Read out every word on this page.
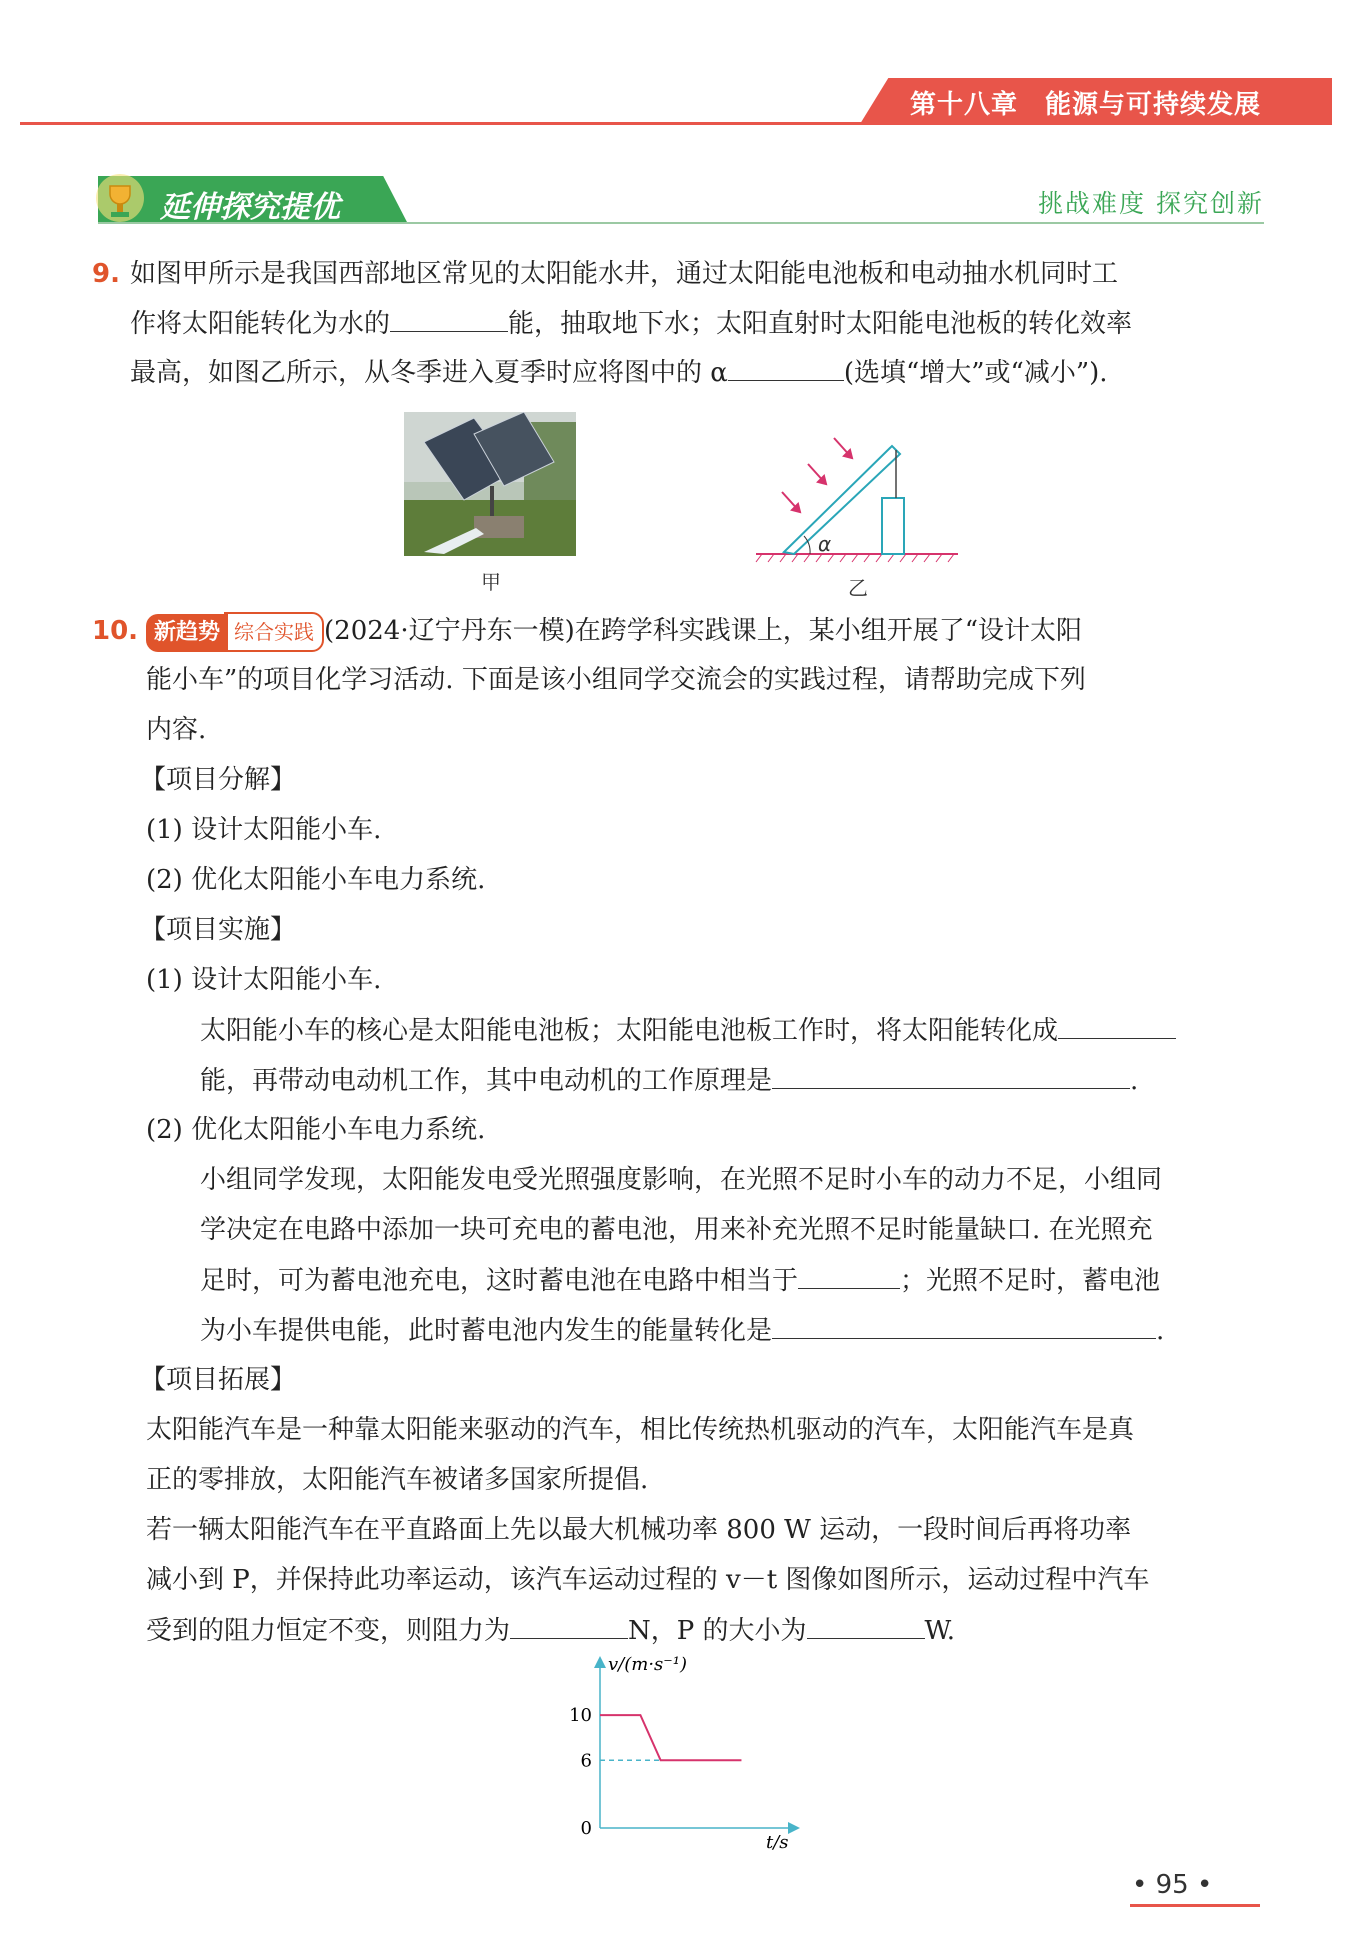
第十八章　能源与可持续发展
延伸探究提优	挑战难度 探究创新
9. 如图甲所示是我国西部地区常见的太阳能水井，通过太阳能电池板和电动抽水机同时工
作将太阳能转化为水的	能，抽取地下水；太阳直射时太阳能电池板的转化效率
最高，如图乙所示，从冬季进入夏季时应将图中的 α	(选填“增大”或“减小”).
甲
α
乙
10. 新趋势 综合实践 (2024·辽宁丹东一模)在跨学科实践课上，某小组开展了“设计太阳
能小车”的项目化学习活动. 下面是该小组同学交流会的实践过程，请帮助完成下列
内容.
【项目分解】
(1) 设计太阳能小车.
(2) 优化太阳能小车电力系统.
【项目实施】
(1) 设计太阳能小车.
太阳能小车的核心是太阳能电池板；太阳能电池板工作时，将太阳能转化成
能，再带动电动机工作，其中电动机的工作原理是	.
(2) 优化太阳能小车电力系统.
小组同学发现，太阳能发电受光照强度影响，在光照不足时小车的动力不足，小组同
学决定在电路中添加一块可充电的蓄电池，用来补充光照不足时能量缺口. 在光照充
足时，可为蓄电池充电，这时蓄电池在电路中相当于	；光照不足时，蓄电池
为小车提供电能，此时蓄电池内发生的能量转化是	.
【项目拓展】
太阳能汽车是一种靠太阳能来驱动的汽车，相比传统热机驱动的汽车，太阳能汽车是真
正的零排放，太阳能汽车被诸多国家所提倡.
若一辆太阳能汽车在平直路面上先以最大机械功率 800 W 运动，一段时间后再将功率
减小到 P，并保持此功率运动，该汽车运动过程的 v－t 图像如图所示，运动过程中汽车
受到的阻力恒定不变，则阻力为	N，P 的大小为	W.
v/(m·s⁻¹)
t/s
10
6
0
• 95 •
